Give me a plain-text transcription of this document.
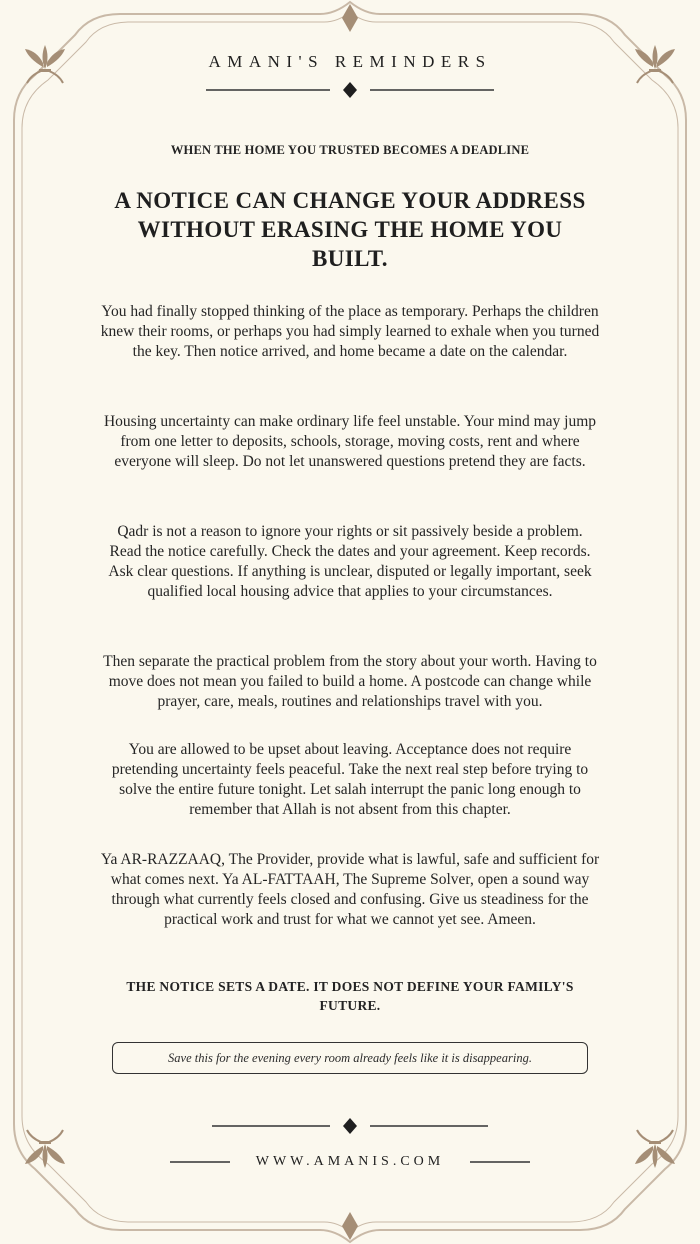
AMANI'S REMINDERS
WHEN THE HOME YOU TRUSTED BECOMES A DEADLINE
A NOTICE CAN CHANGE YOUR ADDRESS WITHOUT ERASING THE HOME YOU BUILT.

You had finally stopped thinking of the place as temporary. Perhaps the children knew their rooms, or perhaps you had simply learned to exhale when you turned the key. Then notice arrived, and home became a date on the calendar.

Housing uncertainty can make ordinary life feel unstable. Your mind may jump from one letter to deposits, schools, storage, moving costs, rent and where everyone will sleep. Do not let unanswered questions pretend they are facts.

Qadr is not a reason to ignore your rights or sit passively beside a problem. Read the notice carefully. Check the dates and your agreement. Keep records. Ask clear questions. If anything is unclear, disputed or legally important, seek qualified local housing advice that applies to your circumstances.

Then separate the practical problem from the story about your worth. Having to move does not mean you failed to build a home. A postcode can change while prayer, care, meals, routines and relationships travel with you.

You are allowed to be upset about leaving. Acceptance does not require pretending uncertainty feels peaceful. Take the next real step before trying to solve the entire future tonight. Let salah interrupt the panic long enough to remember that Allah is not absent from this chapter.

Ya AR-RAZZAAQ, The Provider, provide what is lawful, safe and sufficient for what comes next. Ya AL-FATTAAH, The Supreme Solver, open a sound way through what currently feels closed and confusing. Give us steadiness for the practical work and trust for what we cannot yet see. Ameen.

THE NOTICE SETS A DATE. IT DOES NOT DEFINE YOUR FAMILY'S FUTURE.

Save this for the evening every room already feels like it is disappearing.
WWW.AMANIS.COM
